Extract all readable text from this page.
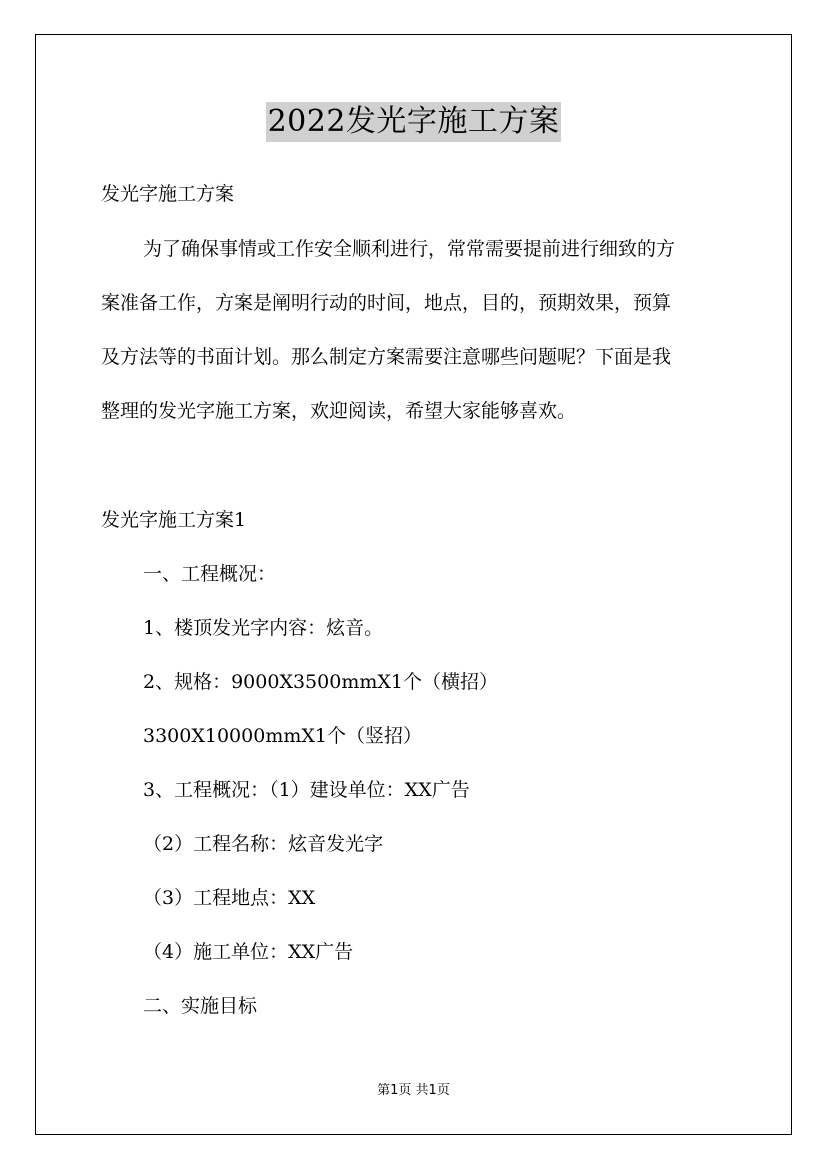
2022发光字施工方案
发光字施工方案
为了确保事情或工作安全顺利进行，常常需要提前进行细致的方
案准备工作，方案是阐明行动的时间，地点，目的，预期效果，预算
及方法等的书面计划。那么制定方案需要注意哪些问题呢？下面是我
整理的发光字施工方案，欢迎阅读，希望大家能够喜欢。
发光字施工方案1
一、工程概况：
1、楼顶发光字内容：炫音。
2、规格：9000X3500mmX1个（横招）
3300X10000mmX1个（竖招）
3、工程概况：（1）建设单位：XX广告
（2）工程名称：炫音发光字
（3）工程地点：XX
（4）施工单位：XX广告
二、实施目标
第1页 共1页
